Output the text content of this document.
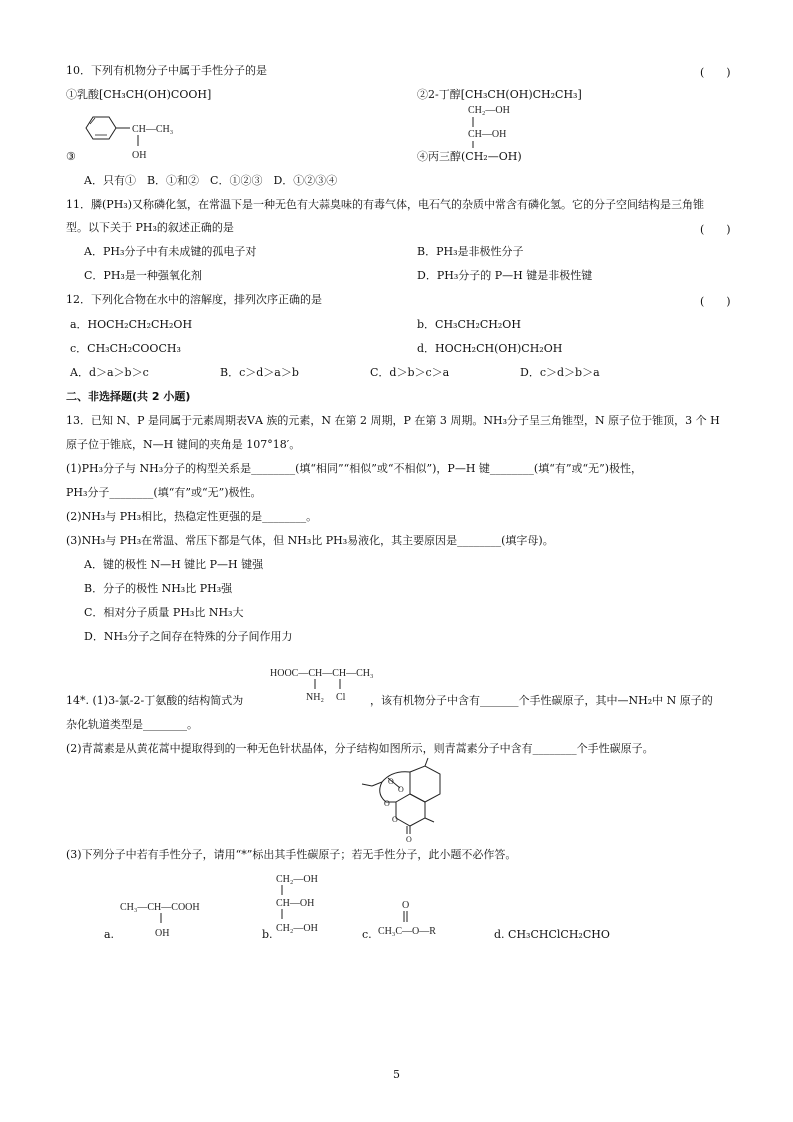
10．下列有机物分子中属于手性分子的是	(　　)
①乳酸[CH₃CH(OH)COOH]	②2-丁醇[CH₃CH(OH)CH₂CH₃]
CH—CH₃
OH
③
CH₂—OH
CH—OH
④丙三醇(CH₂—OH)
A．只有①　B．①和②　C．①②③　D．①②③④
11．膦(PH₃)又称磷化氢，在常温下是一种无色有大蒜臭味的有毒气体，电石气的杂质中常含有磷化氢。它的分子空间结构是三角锥
型。以下关于 PH₃的叙述正确的是	(　　)
A．PH₃分子中有未成键的孤电子对	B．PH₃是非极性分子
C．PH₃是一种强氧化剂	D．PH₃分子的 P—H 键是非极性键
12．下列化合物在水中的溶解度，排列次序正确的是	(　　)
a．HOCH₂CH₂CH₂OH	b．CH₃CH₂CH₂OH
c．CH₃CH₂COOCH₃	d．HOCH₂CH(OH)CH₂OH
A．d＞a＞b＞c	B．c＞d＞a＞b	C．d＞b＞c＞a	D．c＞d＞b＞a
二、非选择题(共 2 小题)
13．已知 N、P 是同属于元素周期表ⅤA 族的元素，N 在第 2 周期，P 在第 3 周期。NH₃分子呈三角锥型，N 原子位于锥顶，3 个 H
原子位于锥底，N—H 键间的夹角是 107°18′。
(1)PH₃分子与 NH₃分子的构型关系是________(填“相同”“相似”或“不相似”)，P—H 键________(填“有”或“无”)极性，
PH₃分子________(填“有”或“无”)极性。
(2)NH₃与 PH₃相比，热稳定性更强的是________。
(3)NH₃与 PH₃在常温、常压下都是气体，但 NH₃比 PH₃易液化，其主要原因是________(填字母)。
A．键的极性 N—H 键比 P—H 键强
B．分子的极性 NH₃比 PH₃强
C．相对分子质量 PH₃比 NH₃大
D．NH₃分子之间存在特殊的分子间作用力
HOOC—CH—CH—CH₃
NH₂ Cl
14*. (1)3-氯-2-丁氨酸的结构简式为	，该有机物分子中含有_______个手性碳原子，其中—NH₂中 N 原子的
杂化轨道类型是________。
(2)青蒿素是从黄花蒿中提取得到的一种无色针状晶体，分子结构如图所示，则青蒿素分子中含有________个手性碳原子。
O
O
O
O
O
(3)下列分子中若有手性分子，请用“*”标出其手性碳原子；若无手性分子，此小题不必作答。
CH₃—CH—COOH
OH
a.
CH₂—OH
CH—OH
CH₂—OH
b.
O
CH₃C—O—R
c.	d. CH₃CHClCH₂CHO
5
